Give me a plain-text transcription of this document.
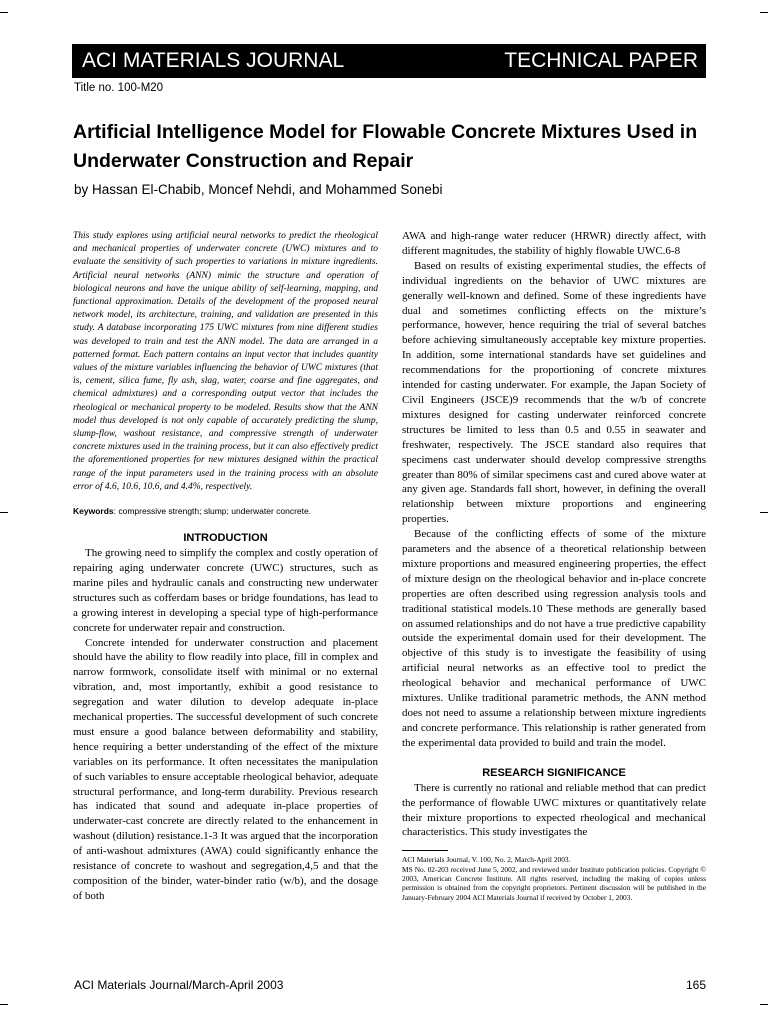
ACI MATERIALS JOURNAL	TECHNICAL PAPER
Title no. 100-M20
Artificial Intelligence Model for Flowable Concrete Mixtures Used in Underwater Construction and Repair
by Hassan El-Chabib, Moncef Nehdi, and Mohammed Sonebi

This study explores using artificial neural networks to predict the rheological and mechanical properties of underwater concrete (UWC) mixtures and to evaluate the sensitivity of such properties to variations in mixture ingredients. Artificial neural networks (ANN) mimic the structure and operation of biological neurons and have the unique ability of self-learning, mapping, and functional approximation. Details of the development of the proposed neural network model, its architecture, training, and validation are presented in this study. A database incorporating 175 UWC mixtures from nine different studies was developed to train and test the ANN model. The data are arranged in a patterned format. Each pattern contains an input vector that includes quantity values of the mixture variables influencing the behavior of UWC mixtures (that is, cement, silica fume, fly ash, slag, water, coarse and fine aggregates, and chemical admixtures) and a corresponding output vector that includes the rheological or mechanical property to be modeled. Results show that the ANN model thus developed is not only capable of accurately predicting the slump, slump-flow, washout resistance, and compressive strength of underwater concrete mixtures used in the training process, but it can also effectively predict the aforementioned properties for new mixtures designed within the practical range of the input parameters used in the training process with an absolute error of 4.6, 10.6, 10.6, and 4.4%, respectively.

Keywords: compressive strength; slump; underwater concrete.

INTRODUCTION

The growing need to simplify the complex and costly operation of repairing aging underwater concrete (UWC) structures, such as marine piles and hydraulic canals and constructing new underwater structures such as cofferdam bases or bridge foundations, has lead to a growing interest in developing a special type of high-performance concrete for underwater repair and construction.

Concrete intended for underwater construction and placement should have the ability to flow readily into place, fill in complex and narrow formwork, consolidate itself with minimal or no external vibration, and, most importantly, exhibit a good resistance to segregation and water dilution to develop adequate in-place mechanical properties. The successful development of such concrete must ensure a good balance between deformability and stability, hence requiring a better understanding of the effect of the mixture variables on its performance. It often necessitates the manipulation of such variables to ensure acceptable rheological behavior, adequate structural performance, and long-term durability. Previous research has indicated that sound and adequate in-place properties of underwater-cast concrete are directly related to the enhancement in washout (dilution) resistance.1-3 It was argued that the incorporation of anti-washout admixtures (AWA) could significantly enhance the resistance of concrete to washout and segregation,4,5 and that the composition of the binder, water-binder ratio (w/b), and the dosage of both

AWA and high-range water reducer (HRWR) directly affect, with different magnitudes, the stability of highly flowable UWC.6-8

Based on results of existing experimental studies, the effects of individual ingredients on the behavior of UWC mixtures are generally well-known and defined. Some of these ingredients have dual and sometimes conflicting effects on the mixture’s performance, however, hence requiring the trial of several batches before achieving simultaneously acceptable key mixture properties. In addition, some international standards have set guidelines and recommendations for the proportioning of concrete mixtures intended for casting underwater. For example, the Japan Society of Civil Engineers (JSCE)9 recommends that the w/b of concrete mixtures designed for casting underwater reinforced concrete structures be limited to less than 0.5 and 0.55 in seawater and freshwater, respectively. The JSCE standard also requires that specimens cast underwater should develop compressive strengths greater than 80% of similar specimens cast and cured above water at any given age. Standards fall short, however, in defining the overall relationship between mixture proportions and engineering properties.

Because of the conflicting effects of some of the mixture parameters and the absence of a theoretical relationship between mixture proportions and measured engineering properties, the effect of mixture design on the rheological behavior and in-place concrete properties are often described using regression analysis tools and traditional statistical models.10 These methods are generally based on assumed relationships and do not have a true predictive capability outside the experimental domain used for their development. The objective of this study is to investigate the feasibility of using artificial neural networks as an effective tool to predict the rheological behavior and mechanical performance of UWC mixtures. Unlike traditional parametric methods, the ANN method does not need to assume a relationship between mixture ingredients and concrete performance. This relationship is rather generated from the experimental data provided to build and train the model.

RESEARCH SIGNIFICANCE

There is currently no rational and reliable method that can predict the performance of flowable UWC mixtures or quantitatively relate their mixture proportions to expected rheological and mechanical characteristics. This study investigates the

ACI Materials Journal, V. 100, No. 2, March-April 2003.

MS No. 02-203 received June 5, 2002, and reviewed under Institute publication policies. Copyright © 2003, American Concrete Institute. All rights reserved, including the making of copies unless permission is obtained from the copyright proprietors. Pertinent discussion will be published in the January-February 2004 ACI Materials Journal if received by October 1, 2003.

ACI Materials Journal/March-April 2003	165
